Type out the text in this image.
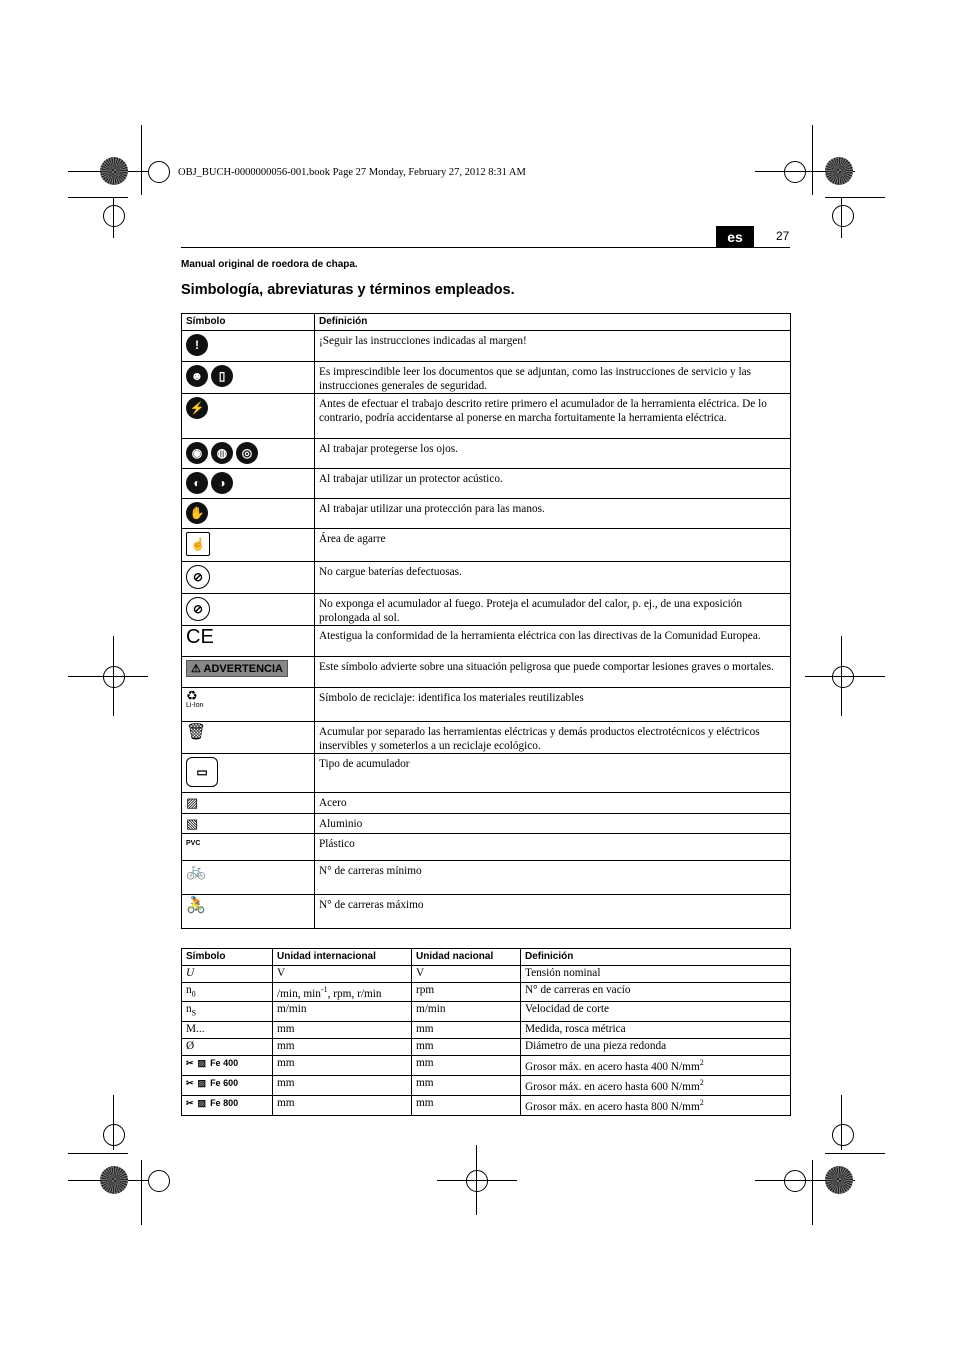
OBJ_BUCH-0000000056-001.book Page 27 Monday, February 27, 2012 8:31 AM
es	27
Manual original de roedora de chapa.
Simbología, abreviaturas y términos empleados.
Símbolo	Definición

!	¡Seguir las instrucciones indicadas al margen!

☻ ▯	Es imprescindible leer los documentos que se adjuntan, como las instrucciones de servicio y las instrucciones generales de seguridad.

⚡	Antes de efectuar el trabajo descrito retire primero el acumulador de la herramienta eléctrica. De lo contrario, podría accidentarse al ponerse en marcha fortuitamente la herramienta eléctrica.

◉ ◍ ◎	Al trabajar protegerse los ojos.

◐ ◑	Al trabajar utilizar un protector acústico.

✋	Al trabajar utilizar una protección para las manos.

☝	Área de agarre

⊘	No cargue baterías defectuosas.

⊘	No exponga el acumulador al fuego. Proteja el acumulador del calor, p. ej., de una exposición prolongada al sol.

CE	Atestigua la conformidad de la herramienta eléctrica con las directivas de la Comunidad Europea.
⚠ ADVERTENCIA	Este símbolo advierte sobre una situación peligrosa que puede comportar lesiones graves o mortales.

♻
Li-Ion	Símbolo de reciclaje: identifica los materiales reutilizables

🗑	Acumular por separado las herramientas eléctricas y demás productos electrotécnicos y eléctricos inservibles y someterlos a un reciclaje ecológico.

▭	Tipo de acumulador

▨	Acero

▧	Aluminio

PVC	Plástico

🚲	N° de carreras mínimo

🚴	N° de carreras máximo
Símbolo	Unidad internacional	Unidad nacional	Definición
U	V	V	Tensión nominal
$n_0$	/min, $\min^{-1}$, rpm, r/min	rpm	N° de carreras en vacío
$n_S$	m/min	m/min	Velocidad de corte
M...	mm	mm	Medida, rosca métrica
Ø	mm	mm	Diámetro de una pieza redonda

✂ ▨ Fe 400	mm	mm	Grosor máx. en acero hasta 400 $N/mm^2$

✂ ▨ Fe 600	mm	mm	Grosor máx. en acero hasta 600 $N/mm^2$

✂ ▨ Fe 800	mm	mm	Grosor máx. en acero hasta 800 $N/mm^2$
